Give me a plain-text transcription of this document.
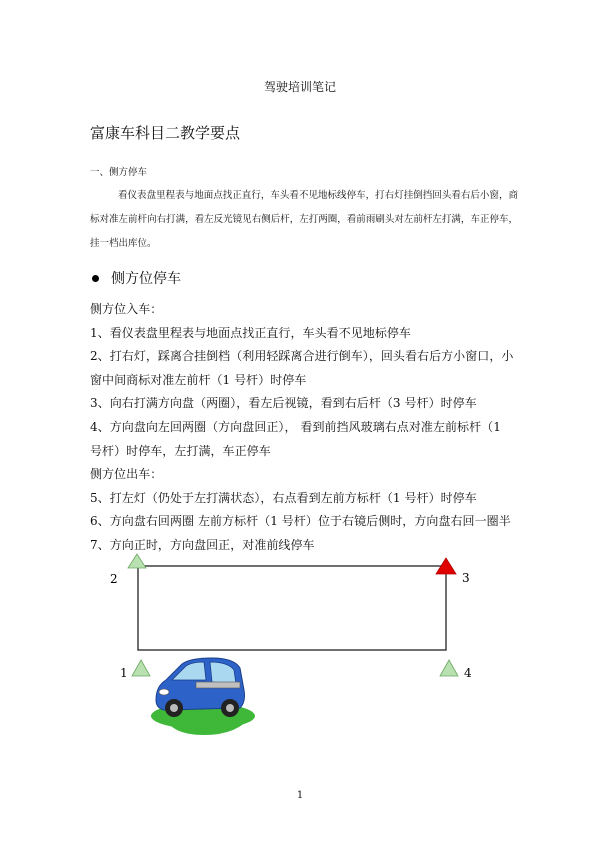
驾驶培训笔记
富康车科目二教学要点
一、侧方停车
看仪表盘里程表与地面点找正直行，车头看不见地标线停车，打右灯挂倒挡回头看右后小窗，商标对准左前杆向右打满，看左反光镜见右侧后杆，左打两圈，看前雨刷头对左前杆左打满，车正停车，挂一档出库位。
侧方位停车
侧方位入车：
1、看仪表盘里程表与地面点找正直行，车头看不见地标停车
2、打右灯，踩离合挂倒档（利用轻踩离合进行倒车），回头看右后方小窗口，小
窗中间商标对准左前杆（1 号杆）时停车
3、向右打满方向盘（两圈），看左后视镜，看到右后杆（3 号杆）时停车
4、方向盘向左回两圈（方向盘回正）， 看到前挡风玻璃右点对准左前标杆（1
号杆）时停车，左打满，车正停车
侧方位出车：
5、打左灯（仍处于左打满状态），右点看到左前方标杆（1 号杆）时停车
6、方向盘右回两圈 左前方标杆（1 号杆）位于右镜后侧时，方向盘右回一圈半
7、方向正时，方向盘回正，对准前线停车
2	3
1	4
1
